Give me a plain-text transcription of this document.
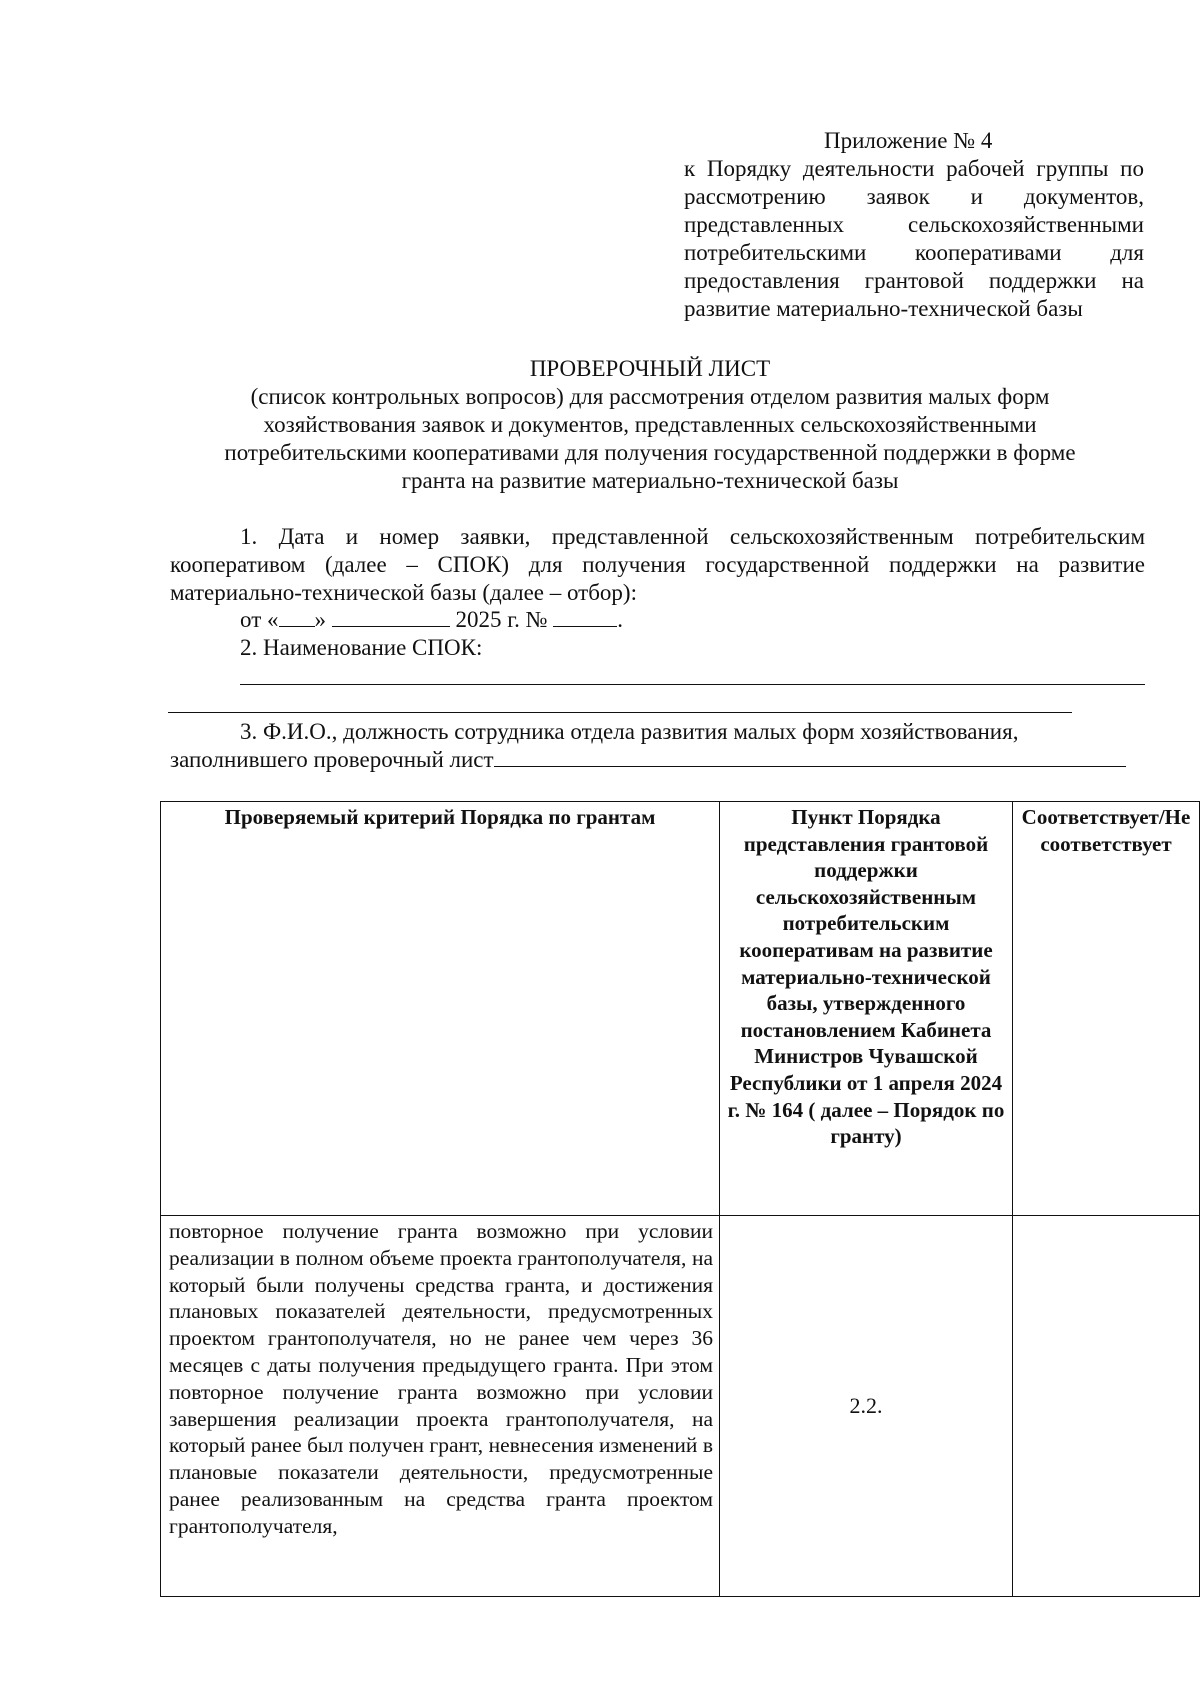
Приложение № 4
к Порядку деятельности рабочей группы по рассмотрению заявок и документов, представленных сельскохозяйственными потребительскими кооперативами для предоставления грантовой поддержки на развитие материально-технической базы
ПРОВЕРОЧНЫЙ ЛИСТ
(список контрольных вопросов) для рассмотрения отделом развития малых форм
хозяйствования заявок и документов, представленных сельскохозяйственными
потребительскими кооперативами для получения государственной поддержки в форме
гранта на развитие материально-технической базы
1. Дата и номер заявки, представленной сельскохозяйственным потребительским кооперативом (далее – СПОК) для получения государственной поддержки на развитие материально-технической базы (далее – отбор):
от « »	2025 г. №	.
2. Наименование СПОК:
3. Ф.И.О., должность сотрудника отдела развития малых форм хозяйствования,
заполнившего проверочный лист
Проверяемый критерий Порядка по грантам	Пункт Порядка представления грантовой поддержки сельскохозяйственным потребительским кооперативам на развитие материально-технической базы, утвержденного постановлением Кабинета Министров Чувашской Республики от 1 апреля 2024 г. № 164 ( далее – Порядок по гранту)	Соответствует/Не соответствует
повторное получение гранта возможно при условии реализации в полном объеме проекта грантополучателя, на который были получены средства гранта, и достижения плановых показателей деятельности, предусмотренных проектом грантополучателя, но не ранее чем через 36 месяцев с даты получения предыдущего гранта. При этом повторное получение гранта возможно при условии завершения реализации проекта грантополучателя, на который ранее был получен грант, невнесения изменений в плановые показатели деятельности, предусмотренные ранее реализованным на средства гранта проектом грантополучателя,	2.2.	
